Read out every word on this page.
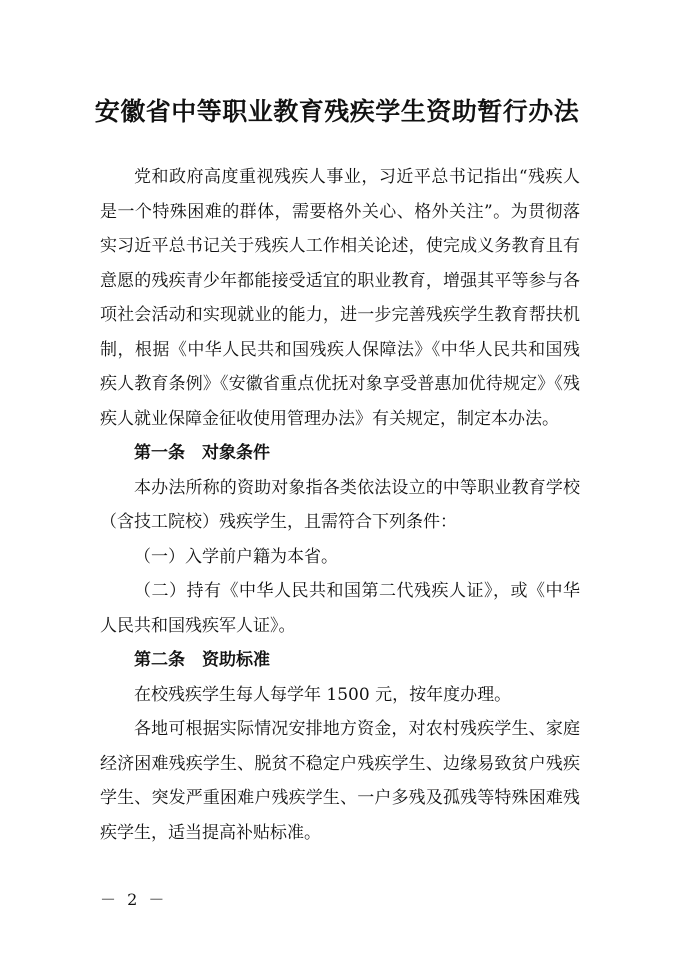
安徽省中等职业教育残疾学生资助暂行办法

党和政府高度重视残疾人事业，习近平总书记指出“残疾人是一个特殊困难的群体，需要格外关心、格外关注”。为贯彻落实习近平总书记关于残疾人工作相关论述，使完成义务教育且有意愿的残疾青少年都能接受适宜的职业教育，增强其平等参与各项社会活动和实现就业的能力，进一步完善残疾学生教育帮扶机制，根据《中华人民共和国残疾人保障法》《中华人民共和国残疾人教育条例》《安徽省重点优抚对象享受普惠加优待规定》《残疾人就业保障金征收使用管理办法》有关规定，制定本办法。

第一条 对象条件

本办法所称的资助对象指各类依法设立的中等职业教育学校（含技工院校）残疾学生，且需符合下列条件：

（一）入学前户籍为本省。

（二）持有《中华人民共和国第二代残疾人证》，或《中华人民共和国残疾军人证》。

第二条 资助标准

在校残疾学生每人每学年 1500 元，按年度办理。

各地可根据实际情况安排地方资金，对农村残疾学生、家庭经济困难残疾学生、脱贫不稳定户残疾学生、边缘易致贫户残疾学生、突发严重困难户残疾学生、一户多残及孤残等特殊困难残疾学生，适当提高补贴标准。

－ 2 －
